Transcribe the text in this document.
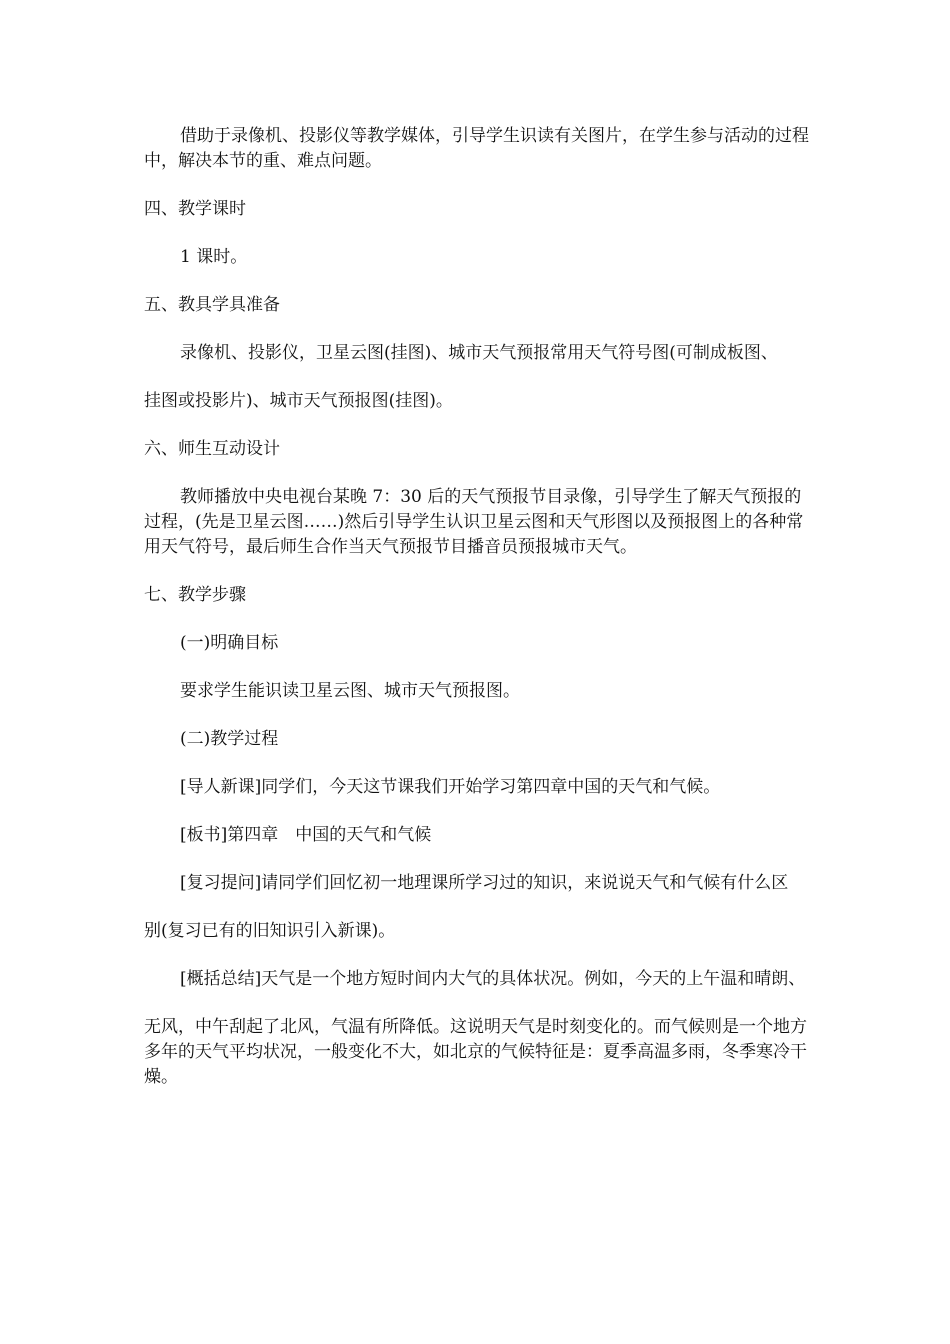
借助于录像机、投影仪等教学媒体，引导学生识读有关图片，在学生参与活动的过程中，解决本节的重、难点问题。

四、教学课时

1 课时。

五、教具学具准备

录像机、投影仪，卫星云图(挂图)、城市天气预报常用天气符号图(可制成板图、

挂图或投影片)、城市天气预报图(挂图)。

六、师生互动设计

教师播放中央电视台某晚 7：30 后的天气预报节目录像，引导学生了解天气预报的过程，(先是卫星云图……)然后引导学生认识卫星云图和天气形图以及预报图上的各种常用天气符号，最后师生合作当天气预报节目播音员预报城市天气。

七、教学步骤

(一)明确目标

要求学生能识读卫星云图、城市天气预报图。

(二)教学过程

[导人新课]同学们，今天这节课我们开始学习第四章中国的天气和气候。

[板书]第四章　中国的天气和气候

[复习提问]请同学们回忆初一地理课所学习过的知识，来说说天气和气候有什么区

别(复习已有的旧知识引入新课)。

[概括总结]天气是一个地方短时间内大气的具体状况。例如，今天的上午温和晴朗、

无风，中午刮起了北风，气温有所降低。这说明天气是时刻变化的。而气候则是一个地方多年的天气平均状况，一般变化不大，如北京的气候特征是：夏季高温多雨，冬季寒冷干燥。
